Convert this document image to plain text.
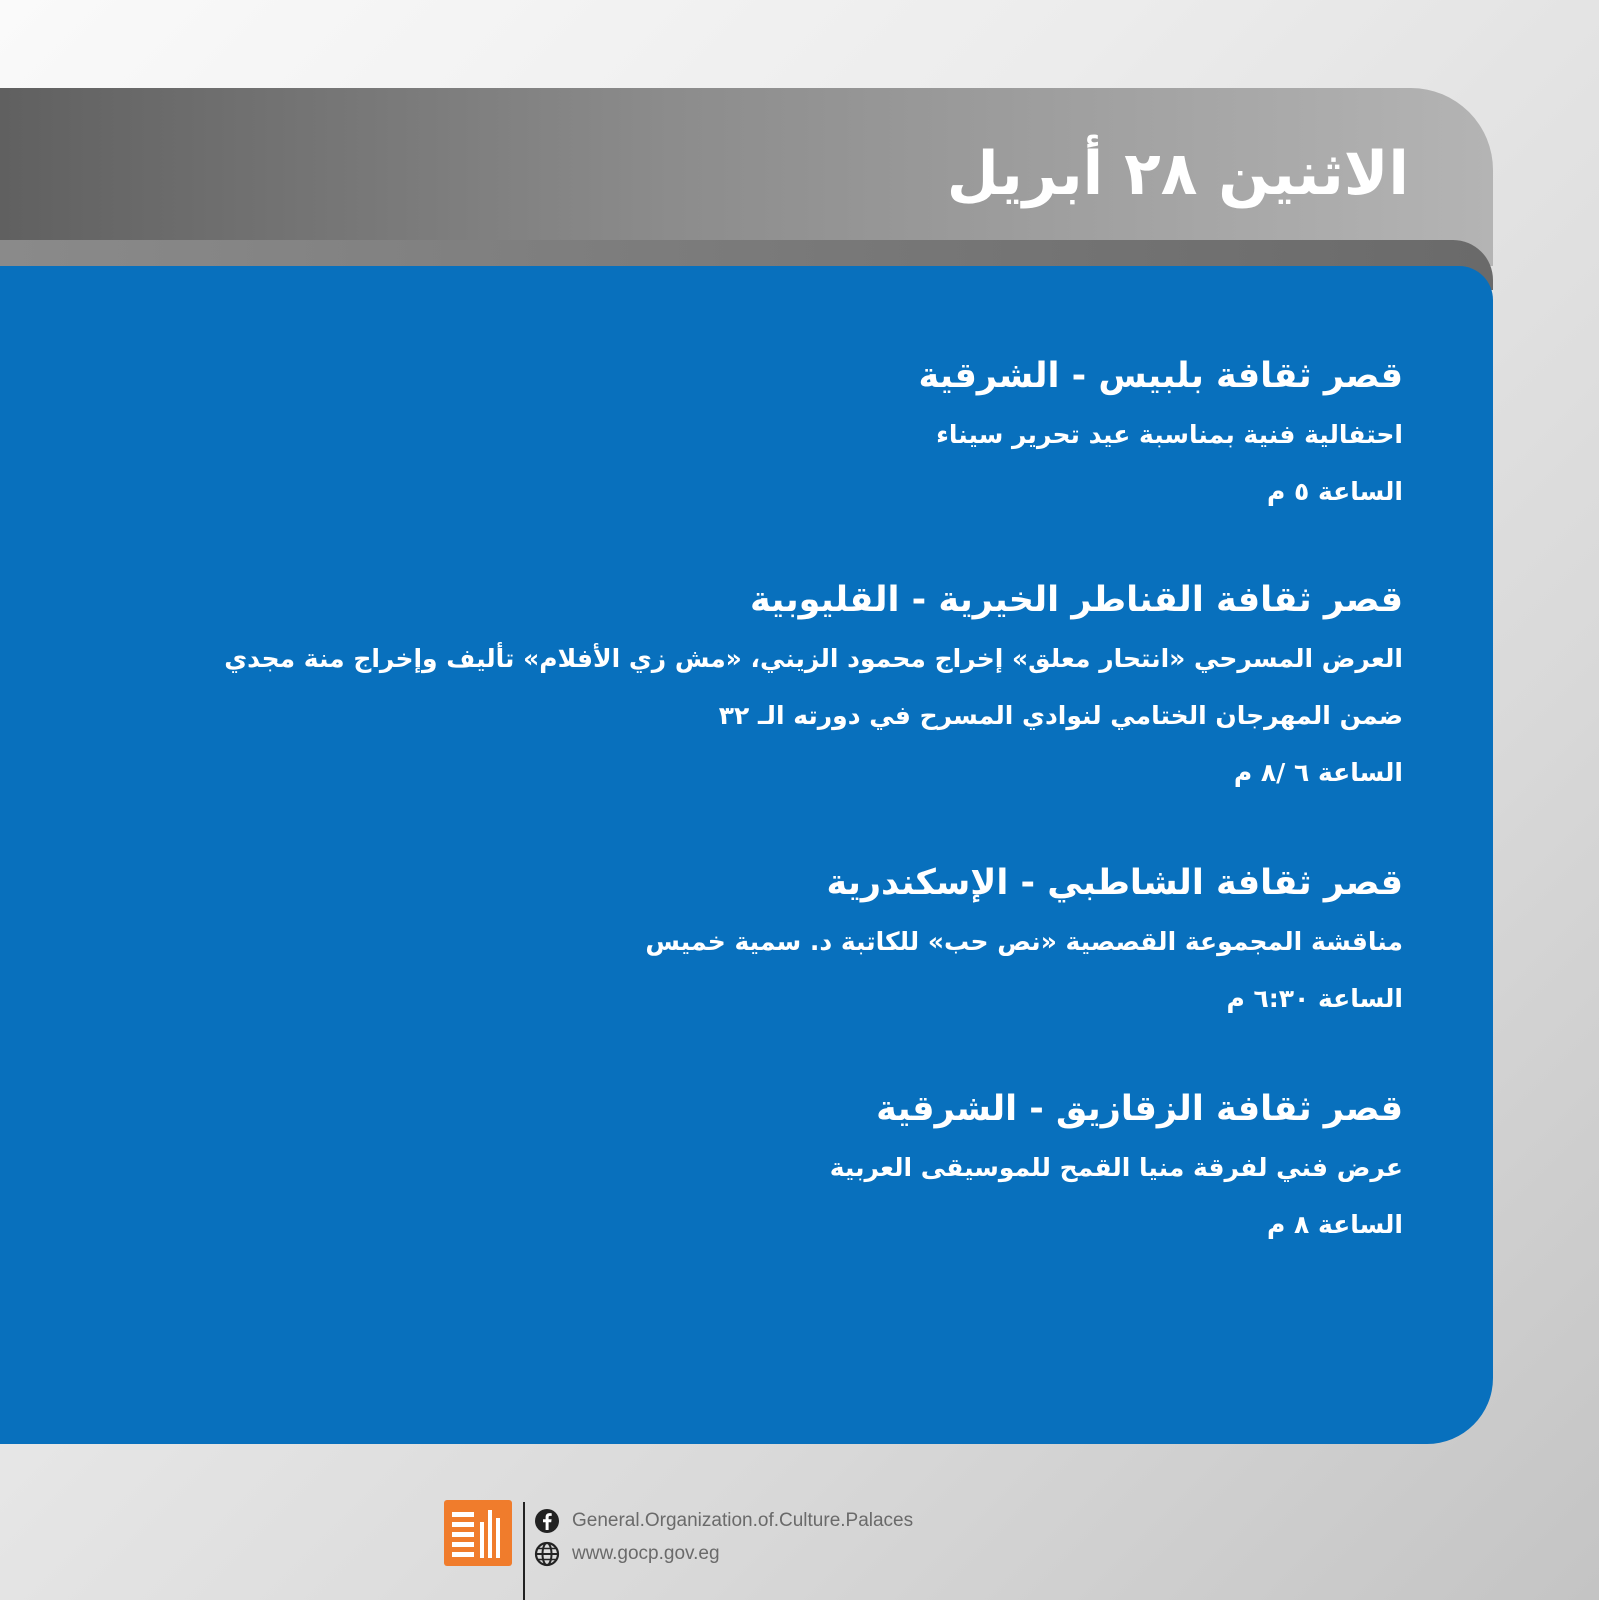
الاثنين ٢٨ أبريل
قصر ثقافة بلبيس - الشرقية
احتفالية فنية بمناسبة عيد تحرير سيناء
الساعة ٥ م
قصر ثقافة القناطر الخيرية - القليوبية
العرض المسرحي «انتحار معلق» إخراج محمود الزيني، «مش زي الأفلام» تأليف وإخراج منة مجدي
ضمن المهرجان الختامي لنوادي المسرح في دورته الـ ٣٢
الساعة ٦ /٨ م
قصر ثقافة الشاطبي - الإسكندرية
مناقشة المجموعة القصصية «نص حب» للكاتبة د. سمية خميس
الساعة ٦:٣٠ م
قصر ثقافة الزقازيق - الشرقية
عرض فني لفرقة منيا القمح للموسيقى العربية
الساعة ٨ م
General.Organization.of.Culture.Palaces
www.gocp.gov.eg
